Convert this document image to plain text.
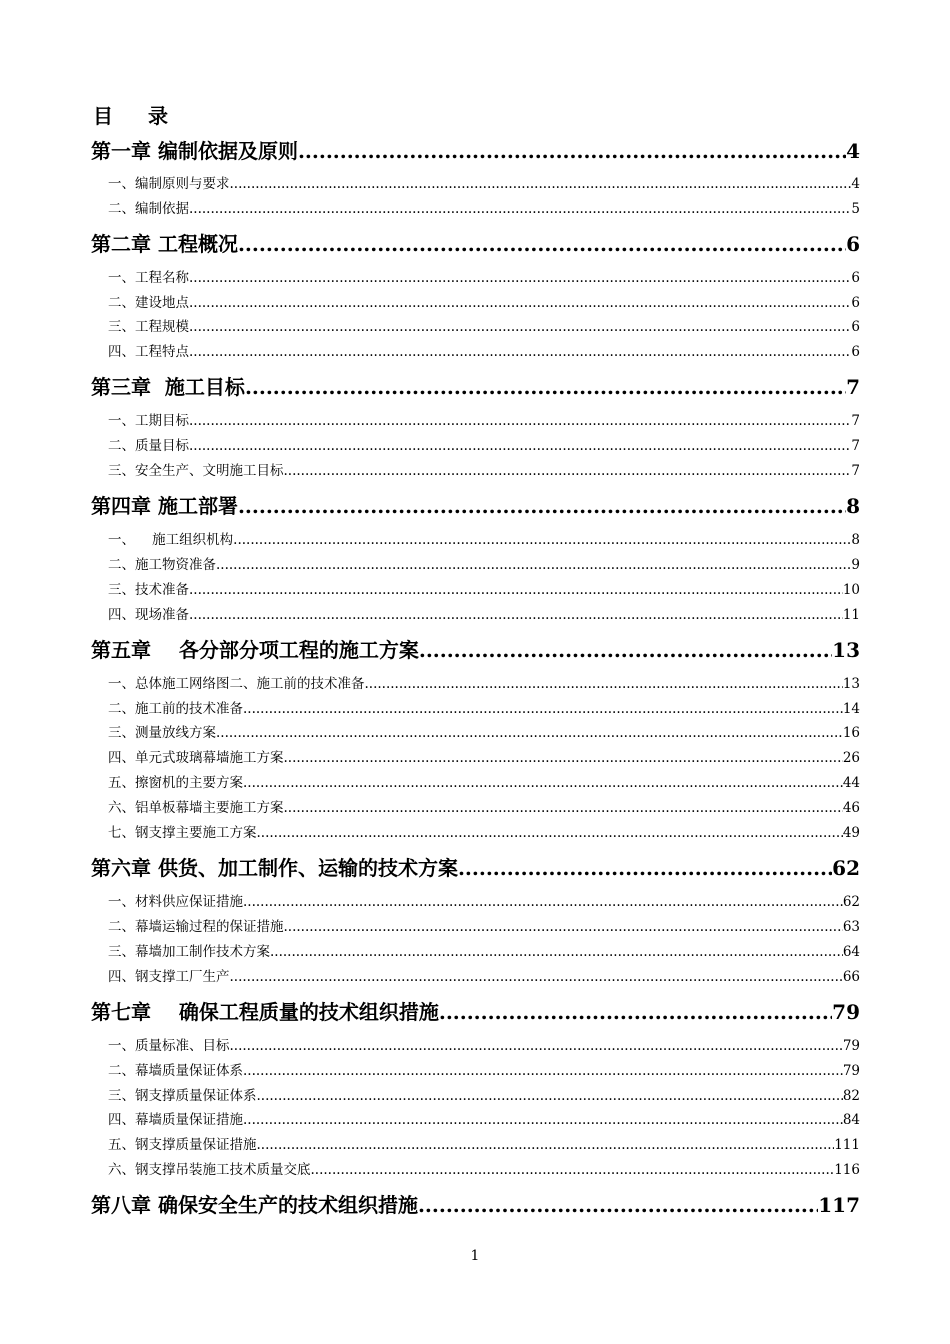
目 录
第一章 编制依据及原则 .....	4
一、编制原则与要求 .....	4
二、编制依据 .....	5
第二章 工程概况 .....	6
一、工程名称 .....	6
二、建设地点 .....	6
三、工程规模 .....	6
四、工程特点 .....	6
第三章  施工目标 .....	7
一、工期目标 .....	7
二、质量目标 .....	7
三、安全生产、文明施工目标 .....	7
第四章 施工部署 .....	8
一、    施工组织机构 .....	8
二、施工物资准备 .....	9
三、技术准备 .....	10
四、现场准备 .....	11
第五章    各分部分项工程的施工方案 .....	13
一、总体施工网络图二、施工前的技术准备 .....	13
二、施工前的技术准备 .....	14
三、测量放线方案 .....	16
四、单元式玻璃幕墙施工方案 .....	26
五、擦窗机的主要方案 .....	44
六、铝单板幕墙主要施工方案 .....	46
七、钢支撑主要施工方案 .....	49
第六章 供货、加工制作、运输的技术方案 .....	62
一、材料供应保证措施 .....	62
二、幕墙运输过程的保证措施 .....	63
三、幕墙加工制作技术方案 .....	64
四、钢支撑工厂生产 .....	66
第七章    确保工程质量的技术组织措施 .....	79
一、质量标准、目标 .....	79
二、幕墙质量保证体系 .....	79
三、钢支撑质量保证体系 .....	82
四、幕墙质量保证措施 .....	84
五、钢支撑质量保证措施 .....	111
六、钢支撑吊装施工技术质量交底 .....	116
第八章 确保安全生产的技术组织措施 .....	117
1
